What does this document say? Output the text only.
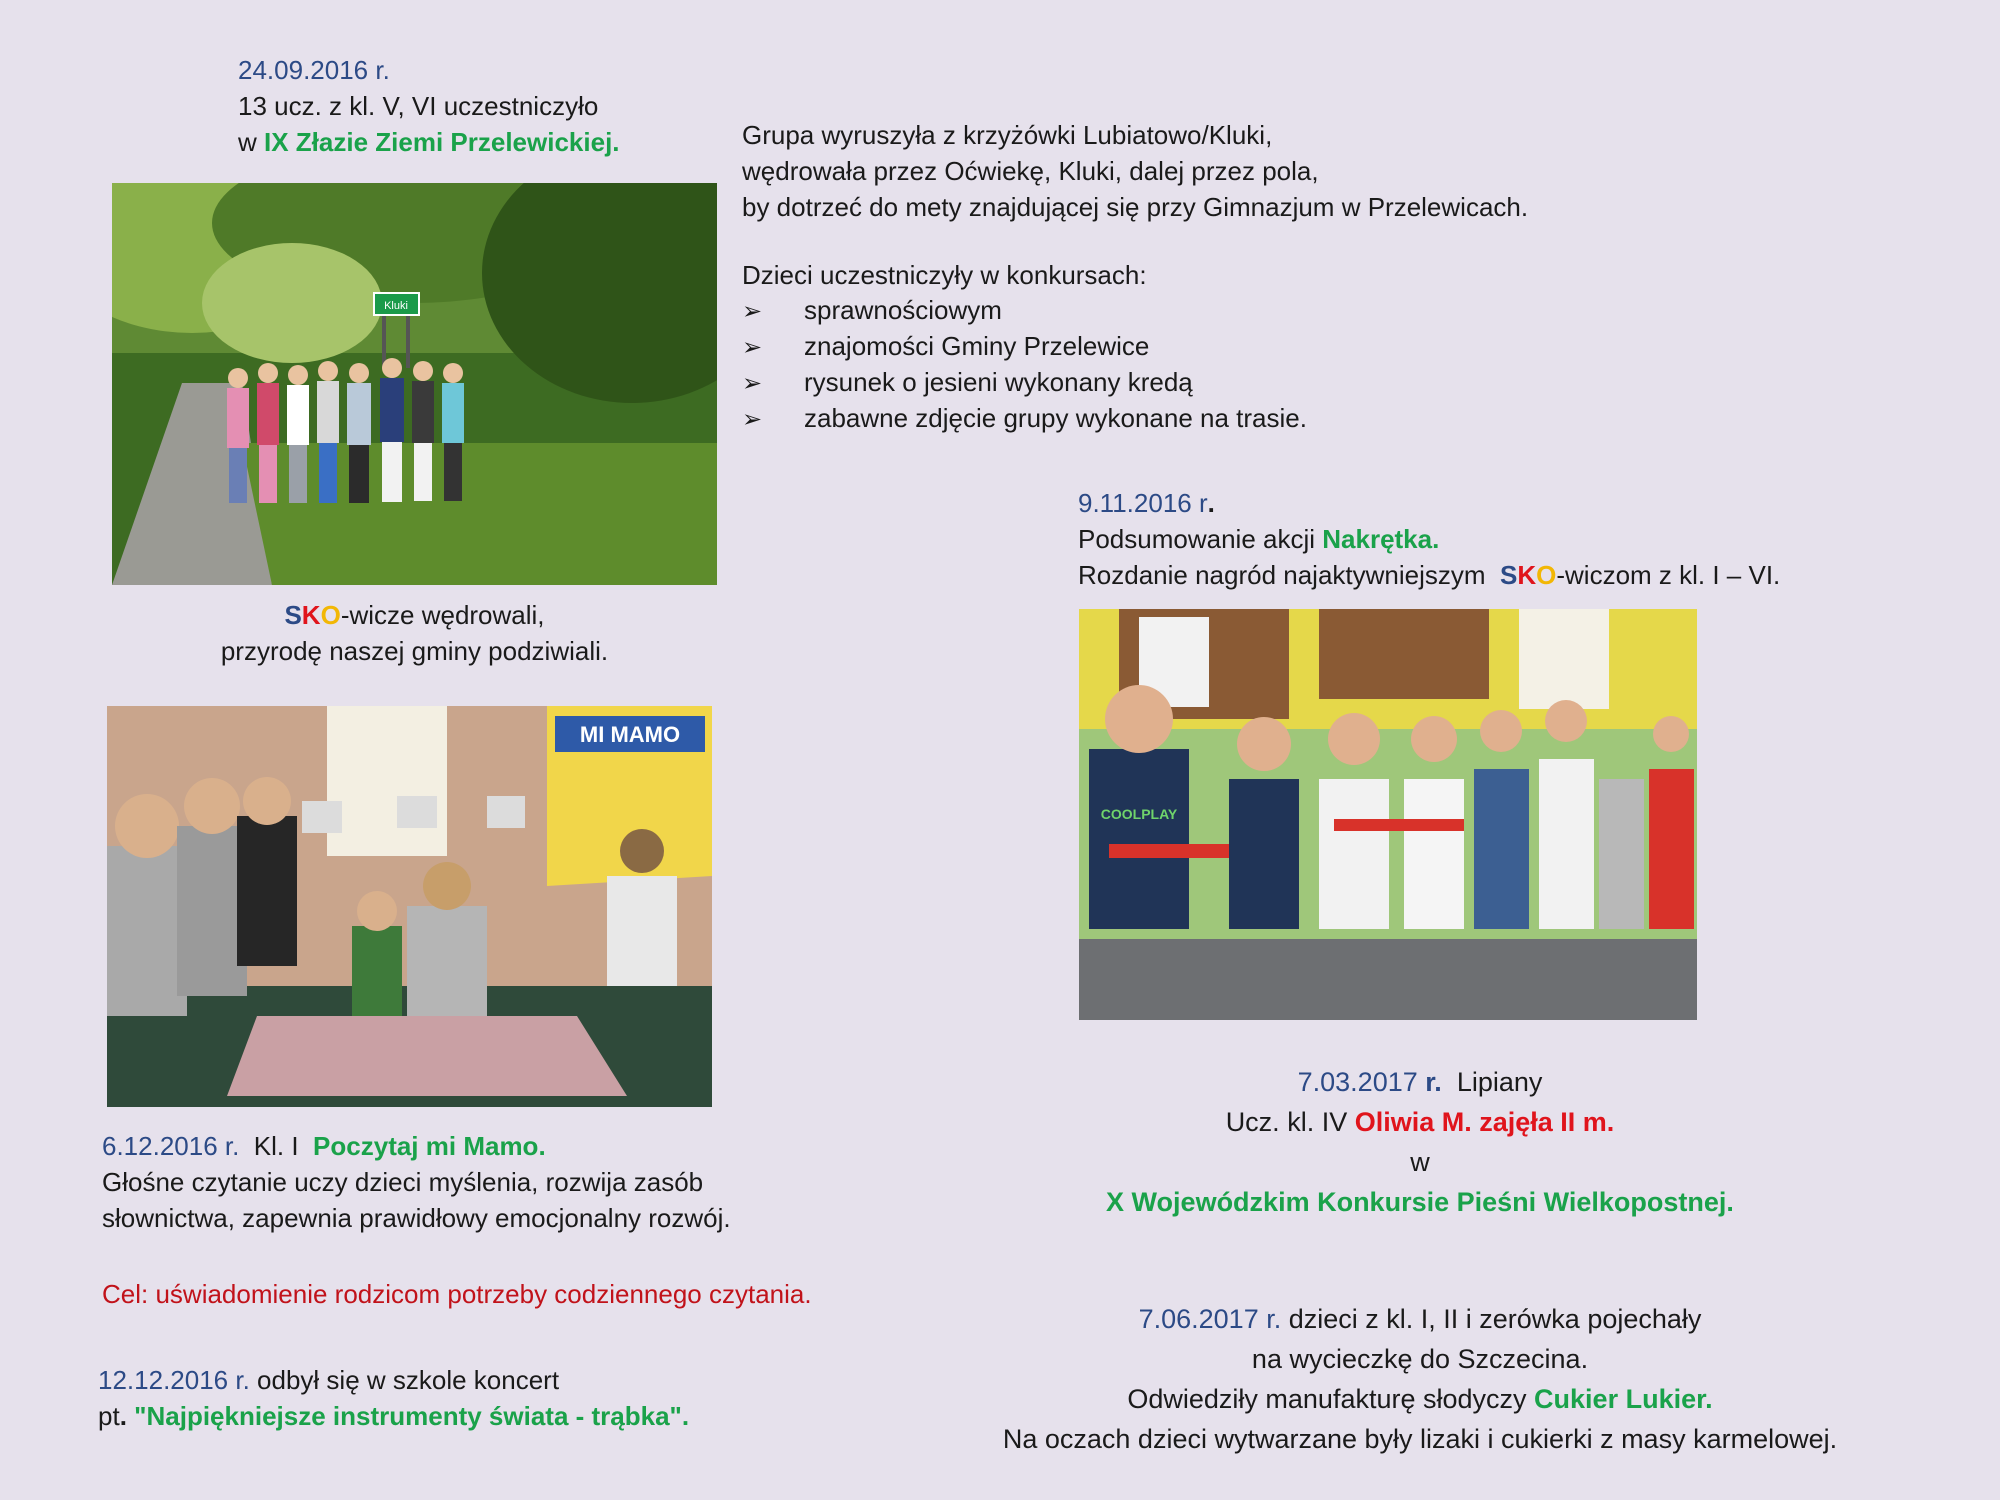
24.09.2016 r.
13 ucz. z kl. V, VI uczestniczyło
w IX Złazie Ziemi Przelewickiej.	Grupa wyruszyła z krzyżówki Lubiatowo/Kluki,
wędrowała przez Oćwiekę, Kluki, dalej przez pola,
by dotrzeć do mety znajdującej się przy Gimnazjum w Przelewicach.
Dzieci uczestniczyły w konkursach:
➢ sprawnościowym
➢ znajomości Gminy Przelewice
➢ rysunek o jesieni wykonany kredą
➢ zabawne zdjęcie grupy wykonane na trasie.
Kluki
SKO-wicze wędrowali,
przyrodę naszej gminy podziwiali.
MI MAMO
6.12.2016 r. Kl. I Poczytaj mi Mamo.
Głośne czytanie uczy dzieci myślenia, rozwija zasób
słownictwa, zapewnia prawidłowy emocjonalny rozwój.
Cel: uświadomienie rodzicom potrzeby codziennego czytania.
12.12.2016 r. odbył się w szkole koncert
pt. "Najpiękniejsze instrumenty świata - trąbka".
9.11.2016 r.
Podsumowanie akcji Nakrętka.
Rozdanie nagród najaktywniejszym SKO-wiczom z kl. I – VI.
COOLPLAY
7.03.2017 r. Lipiany
Ucz. kl. IV Oliwia M. zajęła II m.
w
X Wojewódzkim Konkursie Pieśni Wielkopostnej.
7.06.2017 r. dzieci z kl. I, II i zerówka pojechały
na wycieczkę do Szczecina.
Odwiedziły manufakturę słodyczy Cukier Lukier.
Na oczach dzieci wytwarzane były lizaki i cukierki z masy karmelowej.
